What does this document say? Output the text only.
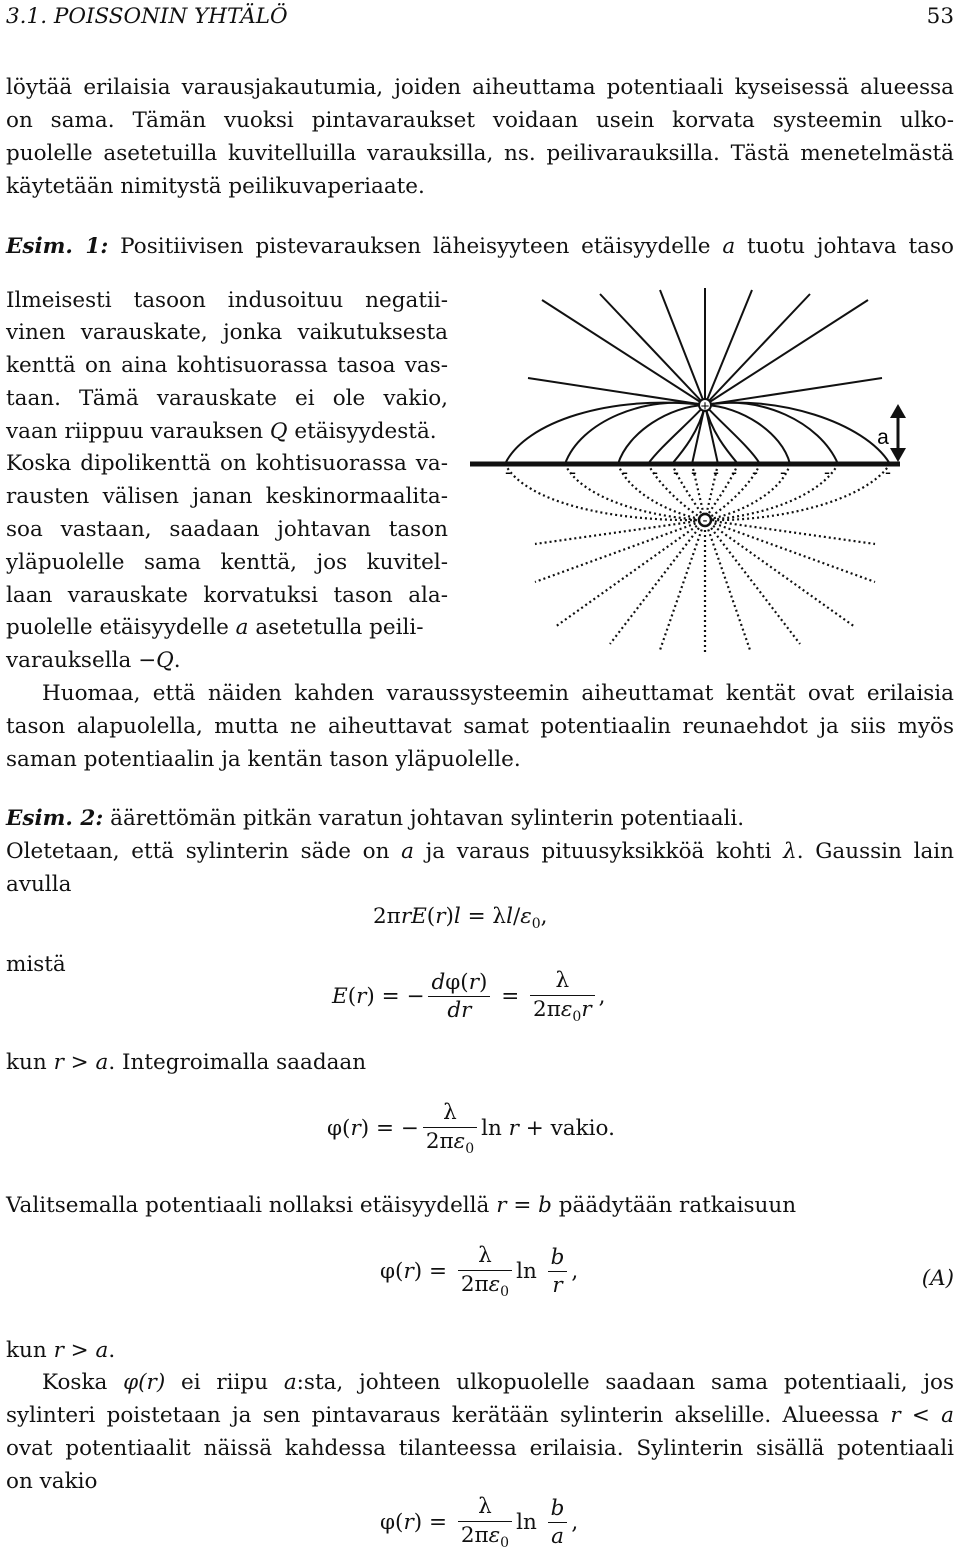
3.1. POISSONIN YHTÄLÖ	53
löytää erilaisia varausjakautumia, joiden aiheuttama potentiaali kyseisessä alueessa
on sama. Tämän vuoksi pintavaraukset voidaan usein korvata systeemin ulko-
puolelle asetetuilla kuvitelluilla varauksilla, ns. peilivarauksilla. Tästä menetelmästä
käytetään nimitystä peilikuvaperiaate.
Esim. 1: Positiivisen pistevarauksen läheisyyteen etäisyydelle a tuotu johtava taso
Ilmeisesti tasoon indusoituu negatii-
vinen varauskate, jonka vaikutuksesta
kenttä on aina kohtisuorassa tasoa vas-
taan. Tämä varauskate ei ole vakio,
vaan riippuu varauksen Q etäisyydestä.
Koska dipolikenttä on kohtisuorassa va-
rausten välisen janan keskinormaalita-
soa vastaan, saadaan johtavan tason
yläpuolelle sama kenttä, jos kuvitel-
laan varauskate korvatuksi tason ala-
puolelle etäisyydelle a asetetulla peili-
varauksella −Q.
+
-
-	-	- - - - - - - - -	-
a
Huomaa, että näiden kahden varaussysteemin aiheuttamat kentät ovat erilaisia
tason alapuolella, mutta ne aiheuttavat samat potentiaalin reunaehdot ja siis myös
saman potentiaalin ja kentän tason yläpuolelle.
Esim. 2: äärettömän pitkän varatun johtavan sylinterin potentiaali.
Oletetaan, että sylinterin säde on a ja varaus pituusyksikköä kohti λ. Gaussin lain
avulla
$2\pi rE(r)l = \lambda l/\varepsilon_0$,
mistä
E(r) = − $\frac{d\varphi(r)}{dr} = \frac{\lambda}{2\pi\varepsilon_0r}$ ,
kun r > a. Integroimalla saadaan
φ(r) = − $\frac{\lambda}{2\pi\varepsilon_0}$ ln r + vakio.
Valitsemalla potentiaali nollaksi etäisyydellä r = b päädytään ratkaisuun
$\varphi(r) = \frac{\lambda}{2\pi\varepsilon_0}$ $\ln \frac{b}{r}$ ,	(A)
kun r > a.
Koska φ(r) ei riipu a:sta, johteen ulkopuolelle saadaan sama potentiaali, jos
sylinteri poistetaan ja sen pintavaraus kerätään sylinterin akselille. Alueessa r < a
ovat potentiaalit näissä kahdessa tilanteessa erilaisia. Sylinterin sisällä potentiaali
on vakio
$\varphi(r) = \frac{\lambda}{2\pi\varepsilon_0}$ $\ln \frac{b}{a}$ ,
